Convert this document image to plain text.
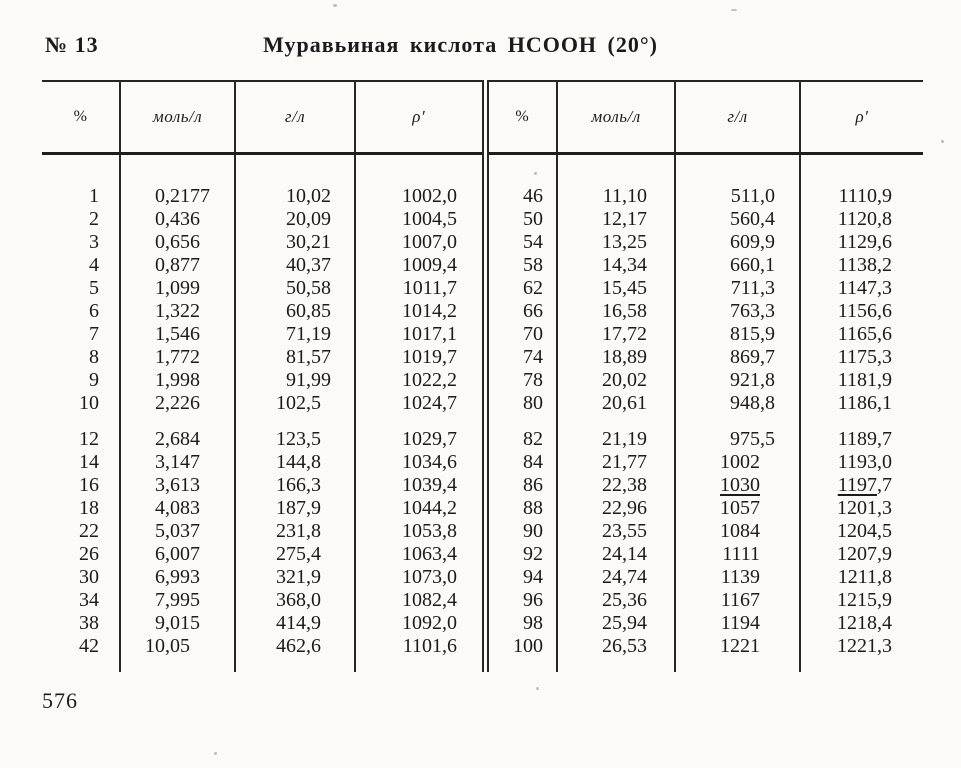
№ 13	Муравьиная кислота НСООН (20°)
%	моль/л	г/л	ρ′	%	моль/л	г/л	ρ′
1	0 ,2177	10 ,02	1002 ,0	46	11 ,10	511 ,0	1110 ,9

2	0 ,436	20 ,09	1004 ,5	50	12 ,17	560 ,4	1120 ,8

3	0 ,656	30 ,21	1007 ,0	54	13 ,25	609 ,9	1129 ,6

4	0 ,877	40 ,37	1009 ,4	58	14 ,34	660 ,1	1138 ,2

5	1 ,099	50 ,58	1011 ,7	62	15 ,45	711 ,3	1147 ,3

6	1 ,322	60 ,85	1014 ,2	66	16 ,58	763 ,3	1156 ,6

7	1 ,546	71 ,19	1017 ,1	70	17 ,72	815 ,9	1165 ,6

8	1 ,772	81 ,57	1019 ,7	74	18 ,89	869 ,7	1175 ,3

9	1 ,998	91 ,99	1022 ,2	78	20 ,02	921 ,8	1181 ,9

10	2 ,226	102 ,5	1024 ,7	80	20 ,61	948 ,8	1186 ,1

12	2 ,684	123 ,5	1029 ,7	82	21 ,19	975 ,5	1189 ,7

14	3 ,147	144 ,8	1034 ,6	84	21 ,77	1002	1193 ,0

16	3 ,613	166 ,3	1039 ,4	86	22 ,38	1030	1197 ,7

18	4 ,083	187 ,9	1044 ,2	88	22 ,96	1057	1201 ,3

22	5 ,037	231 ,8	1053 ,8	90	23 ,55	1084	1204 ,5

26	6 ,007	275 ,4	1063 ,4	92	24 ,14	1111	1207 ,9

30	6 ,993	321 ,9	1073 ,0	94	24 ,74	1139	1211 ,8

34	7 ,995	368 ,0	1082 ,4	96	25 ,36	1167	1215 ,9

38	9 ,015	414 ,9	1092 ,0	98	25 ,94	1194	1218 ,4

42	10 ,05	462 ,6	1101 ,6	100	26 ,53	1221	1221 ,3

576
